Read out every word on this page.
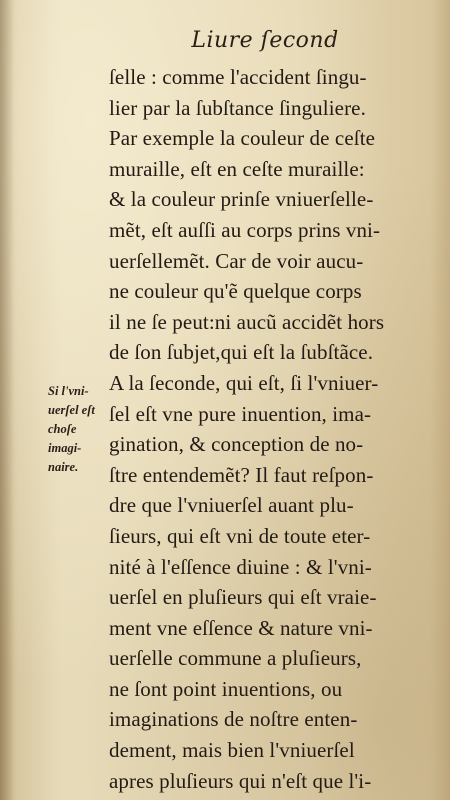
Liure ſecond
Si l'vni-
uerſel eſt
choſe
imagi-
naire.
ſelle : comme l'accident ſingu-
lier par la ſubſtance ſinguliere.
Par exemple la couleur de ceſte
muraille, eſt en ceſte muraille:
& la couleur prinſe vniuerſelle-
mẽt, eſt auſſi au corps prins vni-
uerſellemẽt. Car de voir aucu-
ne couleur qu'ẽ quelque corps
il ne ſe peut:ni aucũ accidẽt hors
de ſon ſubjet,qui eſt la ſubſtãce.
A la ſeconde, qui eſt, ſi l'vniuer-
ſel eſt vne pure inuention, ima-
gination, & conception de no-
ſtre entendemẽt? Il faut reſpon-
dre que l'vniuerſel auant plu-
ſieurs, qui eſt vni de toute eter-
nité à l'eſſence diuine : & l'vni-
uerſel en pluſieurs qui eſt vraie-
ment vne eſſence & nature vni-
uerſelle commune a pluſieurs,
ne ſont point inuentions, ou
imaginations de noſtre enten-
dement, mais bien l'vniuerſel
apres pluſieurs qui n'eſt que l'i-
